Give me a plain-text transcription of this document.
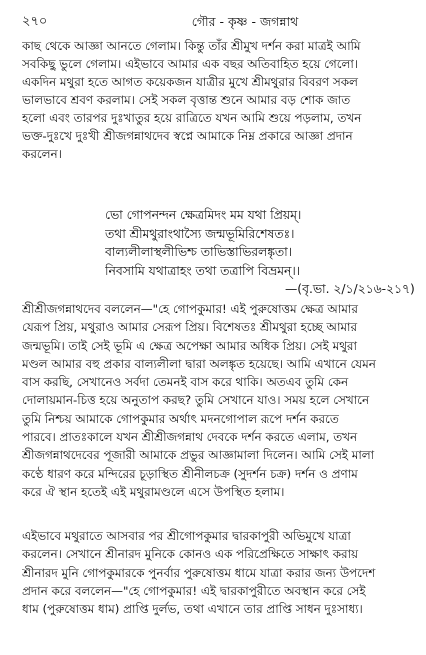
২৭০	গৌর - কৃষ্ণ - জগন্নাথ
কাছ থেকে আজ্ঞা আনতে গেলাম। কিন্তু তাঁর শ্রীমুখ দর্শন করা মাত্রই আমি
সবকিছু ভুলে গেলাম। এইভাবে আমার এক বছর অতিবাহিত হয়ে গেলো।
একদিন মথুরা হতে আগত কয়েকজন যাত্রীর মুখে শ্রীমথুরার বিবরণ সকল
ভালভাবে শ্রবণ করলাম। সেই সকল বৃত্তান্ত শুনে আমার বড় শোক জাত
হলো এবং তারপর দুঃখাতুর হয়ে রাত্রিতে যখন আমি শুয়ে পড়লাম, তখন
ভক্ত-দুঃখে দুঃখী শ্রীজগন্নাথদেব স্বপ্নে আমাকে নিম্ন প্রকারে আজ্ঞা প্রদান
করলেন।
ভো গোপনন্দন ক্ষেত্রমিদং মম যথা প্রিয়ম্।
তথা শ্রীমথুরাংথাস্যৈ জন্মভূমিরিশেষতঃ।
বাল্যলীলাস্থলীভিশ্চ তাভিস্তাভিরলঙ্কৃতা।
নিবসামি যথাত্রাহং তথা তত্রাপি বিভ্রমন্।।
—(বৃ.ভা. ২/১/২১৬-২১৭)
শ্রীশ্রীজগন্নাথদেব বললেন—"হে গোপকুমার! এই পুরুষোত্তম ক্ষেত্র আমার
যেরূপ প্রিয়, মথুরাও আমার সেরূপ প্রিয়। বিশেষতঃ শ্রীমথুরা হচ্ছে আমার
জন্মভূমি। তাই সেই ভূমি এ ক্ষেত্র অপেক্ষা আমার অধিক প্রিয়। সেই মথুরা
মণ্ডল আমার বহু প্রকার বাল্যলীলা দ্বারা অলঙ্কৃত হয়েছে। আমি এখানে যেমন
বাস করছি, সেখানেও সর্বদা তেমনই বাস করে থাকি। অতএব তুমি কেন
দোলায়মান-চিত্ত হয়ে অনুতাপ করছ? তুমি সেখানে যাও। সময় হলে সেখানে
তুমি নিশ্চয় আমাকে গোপকুমার অর্থাৎ মদনগোপাল রূপে দর্শন করতে
পারবে। প্রাতঃকালে যখন শ্রীশ্রীজগন্নাথ দেবকে দর্শন করতে এলাম, তখন
শ্রীজগন্নাথদেবের পূজারী আমাকে প্রভুর আজ্ঞামালা দিলেন। আমি সেই মালা
কণ্ঠে ধারণ করে মন্দিরের চূড়াস্থিত শ্রীনীলচক্র (সুদর্শন চক্র) দর্শন ও প্রণাম
করে ঐ স্থান হতেই এই মথুরামণ্ডলে এসে উপস্থিত হলাম।
এইভাবে মথুরাতে আসবার পর শ্রীগোপকুমার দ্বারকাপুরী অভিমুখে যাত্রা
করলেন। সেখানে শ্রীনারদ মুনিকে কোনও এক পরিপ্রেক্ষিতে সাক্ষাৎ করায়
শ্রীনারদ মুনি গোপকুমারকে পুনর্বার পুরুষোত্তম ধামে যাত্রা করার জন্য উপদেশ
প্রদান করে বললেন—"হে গোপকুমার! এই দ্বারকাপুরীতে অবস্থান করে সেই
ধাম (পুরুষোত্তম ধাম) প্রাপ্তি দুর্লভ, তথা এখানে তার প্রাপ্তি সাধন দুঃসাধ্য।
